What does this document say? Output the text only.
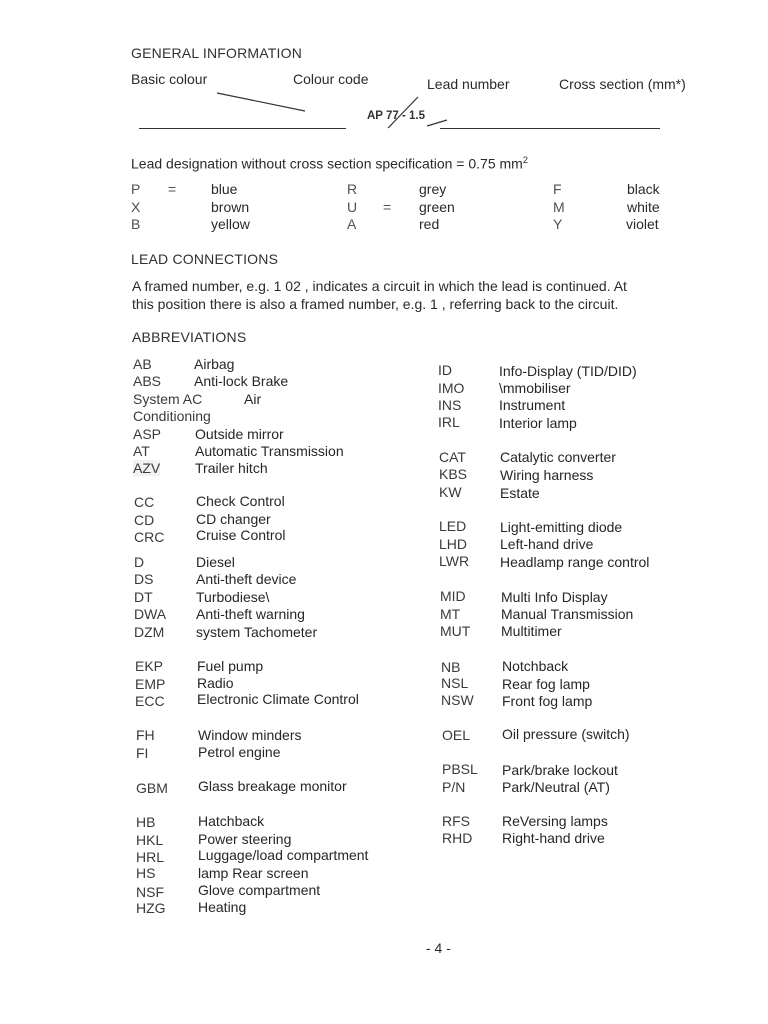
GENERAL INFORMATION
Basic colour	Colour code	Lead number	Cross section (mm*)
AP 77 - 1.5
Lead designation without cross section specification = 0.75 $mm^2$
P = blue	R	grey	F	black
X	brown	U = green	M	white
B	yellow	A	red	Y	violet
LEAD CONNECTIONS
A framed number, e.g. 1 02 , indicates a circuit in which the lead is continued. At
this position there is also a framed number, e.g. 1 , referring back to the circuit.
ABBREVIATIONS
AB	Airbag
ABS Anti-lock Brake
System AC	Air
Conditioning
ASP Outside mirror
AT	Automatic Transmission
AZV Trailer hitch
CC	Check Control
CD	CD changer
CRC Cruise Control
D	Diesel
DS	Anti-theft device
DT	Turbodiese\
DWA Anti-theft warning
DZM system Tachometer
EKP Fuel pump
EMP Radio
ECC Electronic Climate Control
FH	Window minders
FI	Petrol engine
GBM Glass breakage monitor
HB	Hatchback
HKL Power steering
HRL Luggage/load compartment
HS	lamp Rear screen
NSF Glove compartment
HZG Heating
ID	Info-Display (TID/DID)
IMO \mmobiliser
INS	Instrument
IRL	Interior lamp
CAT Catalytic converter
KBS Wiring harness
KW	Estate
LED Light-emitting diode
LHD Left-hand drive
LWR Headlamp range control
MID	Multi Info Display
MT	Manual Transmission
MUT Multitimer
NB	Notchback
NSL Rear fog lamp
NSW Front fog lamp
OEL Oil pressure (switch)
PBSL Park/brake lockout
P/N	Park/Neutral (AT)
RFS ReVersing lamps
RHD Right-hand drive
- 4 -
